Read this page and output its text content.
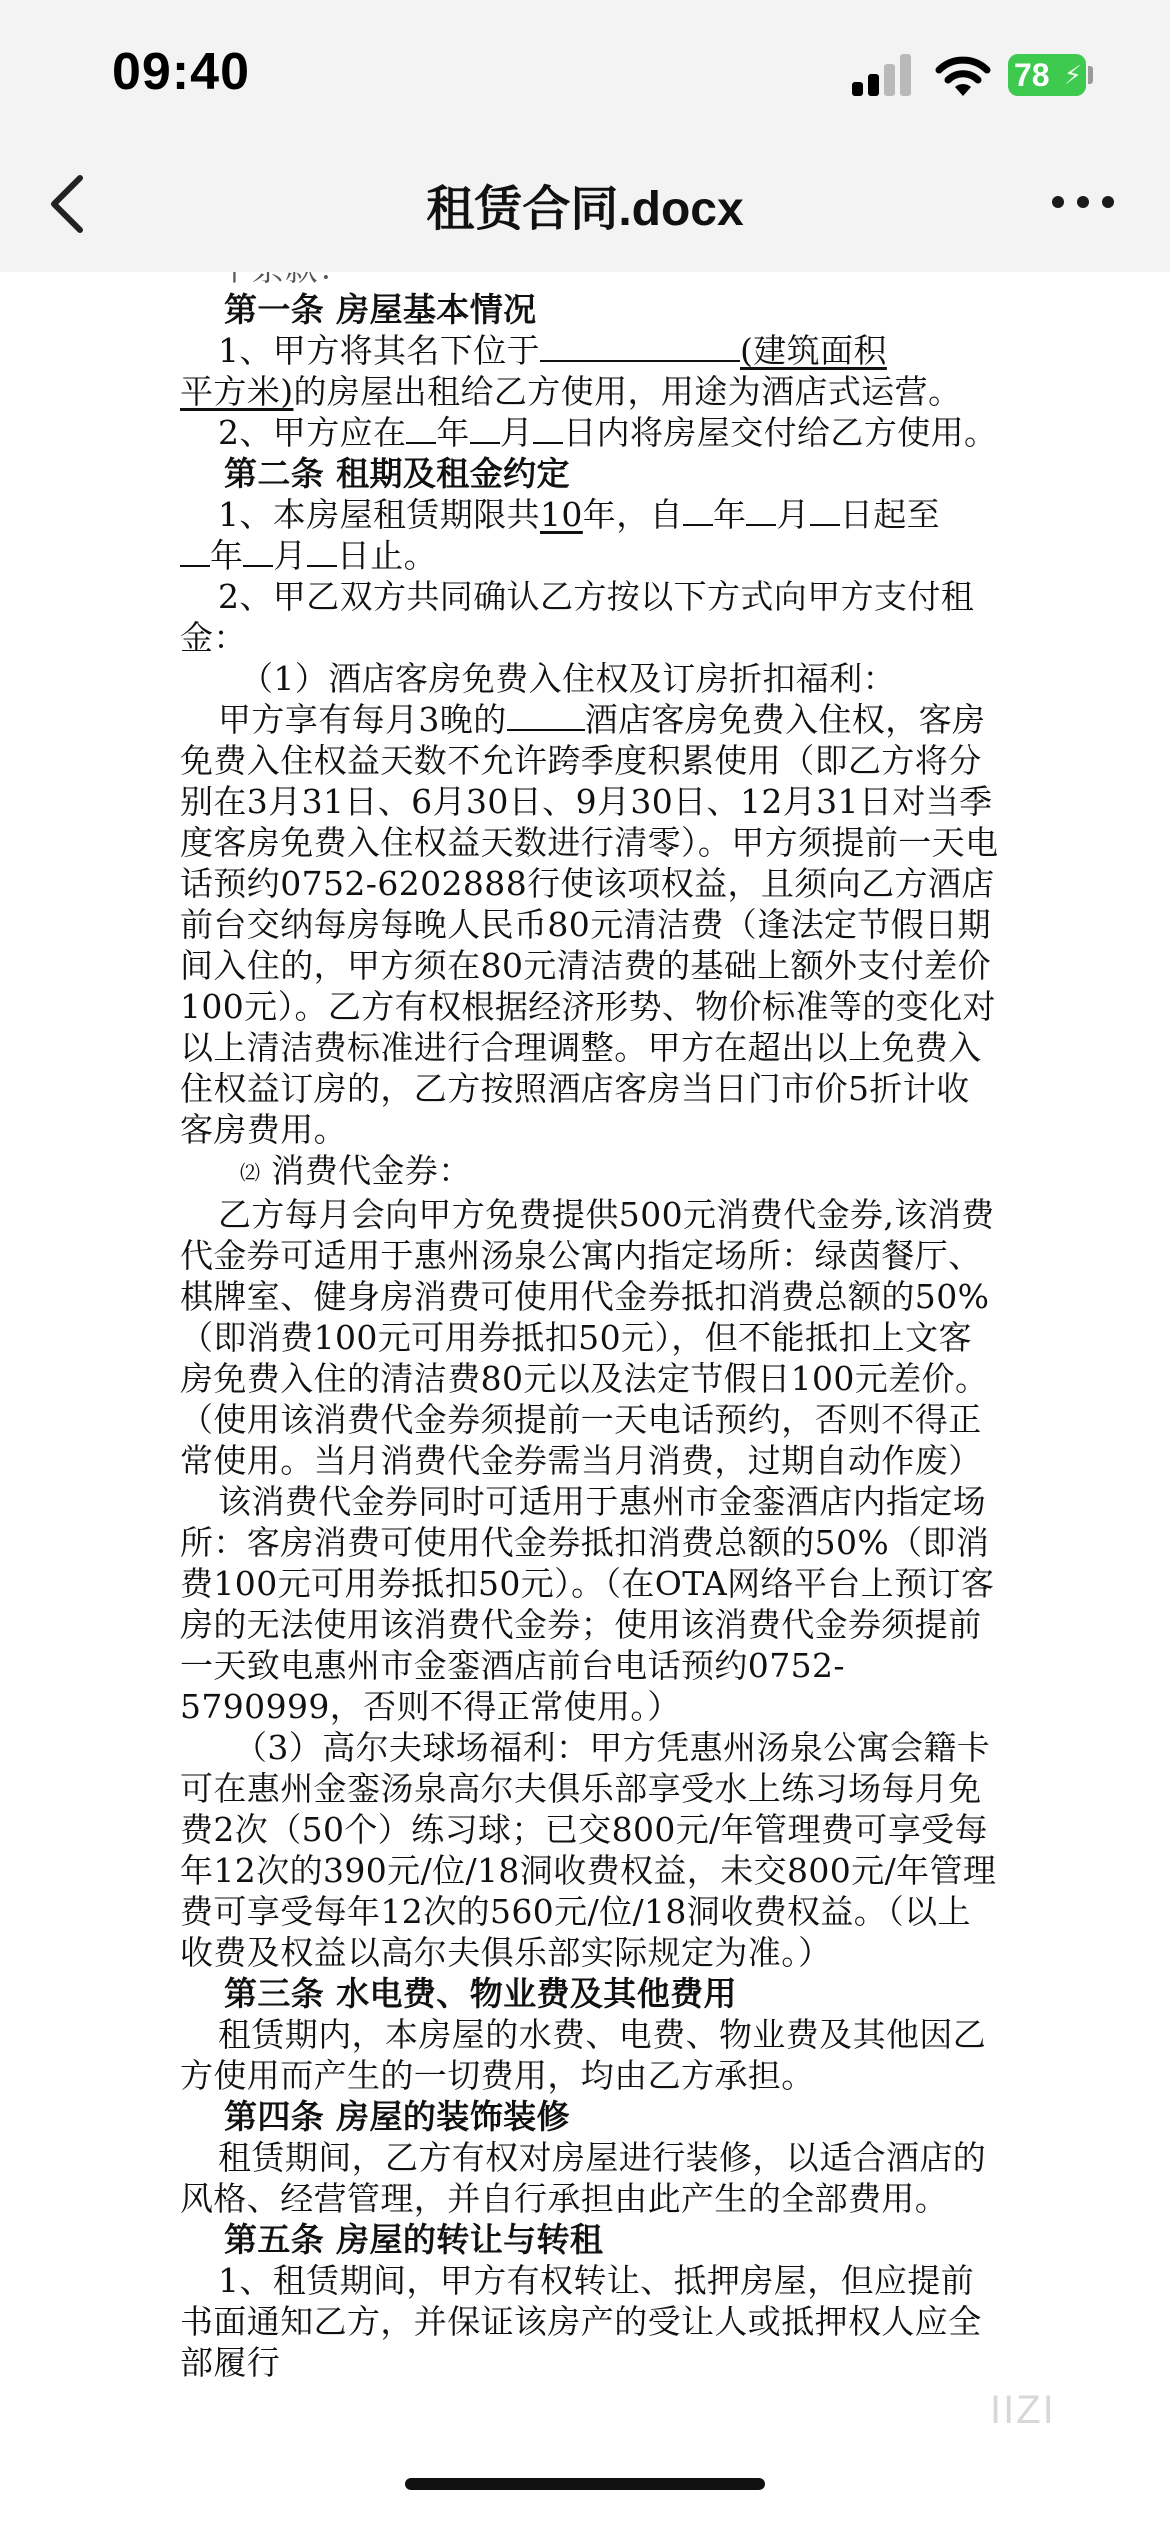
09:40	78 ⚡
租赁合同.docx

第一条 房屋基本情况

1、甲方将其名下位于	(建筑面积
平方米)的房屋出租给乙方使用，用途为酒店式运营。

2、甲方应在 年 月 日内将房屋交付给乙方使用。

第二条 租期及租金约定

1、本房屋租赁期限共10年，自 年 月 日起至
年 月 日止。

2、甲乙双方共同确认乙方按以下方式向甲方支付租金：

（1）酒店客房免费入住权及订房折扣福利：

甲方享有每月3晚的 酒店客房免费入住权，客房免费入住权益天数不允许跨季度积累使用（即乙方将分别在3月31日、6月30日、9月30日、12月31日对当季度客房免费入住权益天数进行清零）。甲方须提前一天电话预约0752-6202888行使该项权益，且须向乙方酒店前台交纳每房每晚人民币80元清洁费（逢法定节假日期间入住的，甲方须在80元清洁费的基础上额外支付差价100元）。乙方有权根据经济形势、物价标准等的变化对以上清洁费标准进行合理调整。甲方在超出以上免费入住权益订房的，乙方按照酒店客房当日门市价5折计收客房费用。

⑵ 消费代金券：

乙方每月会向甲方免费提供500元消费代金券,该消费代金券可适用于惠州汤泉公寓内指定场所：绿茵餐厅、棋牌室、健身房消费可使用代金券抵扣消费总额的50%（即消费100元可用券抵扣50元），但不能抵扣上文客房免费入住的清洁费80元以及法定节假日100元差价。（使用该消费代金券须提前一天电话预约，否则不得正常使用。当月消费代金券需当月消费，过期自动作废）

该消费代金券同时可适用于惠州市金銮酒店内指定场所：客房消费可使用代金券抵扣消费总额的50%（即消费100元可用券抵扣50元）。（在OTA网络平台上预订客房的无法使用该消费代金券；使用该消费代金券须提前一天致电惠州市金銮酒店前台电话预约0752-5790999，否则不得正常使用。）

（3）高尔夫球场福利：甲方凭惠州汤泉公寓会籍卡可在惠州金銮汤泉高尔夫俱乐部享受水上练习场每月免费2次（50个）练习球；已交800元/年管理费可享受每年12次的390元/位/18洞收费权益，未交800元/年管理费可享受每年12次的560元/位/18洞收费权益。（以上收费及权益以高尔夫俱乐部实际规定为准。）

第三条 水电费、物业费及其他费用

租赁期内，本房屋的水费、电费、物业费及其他因乙方使用而产生的一切费用，均由乙方承担。

第四条 房屋的装饰装修

租赁期间，乙方有权对房屋进行装修，以适合酒店的风格、经营管理，并自行承担由此产生的全部费用。

第五条 房屋的转让与转租

1、租赁期间，甲方有权转让、抵押房屋，但应提前书面通知乙方，并保证该房产的受让人或抵押权人应全部履行

IIZI
